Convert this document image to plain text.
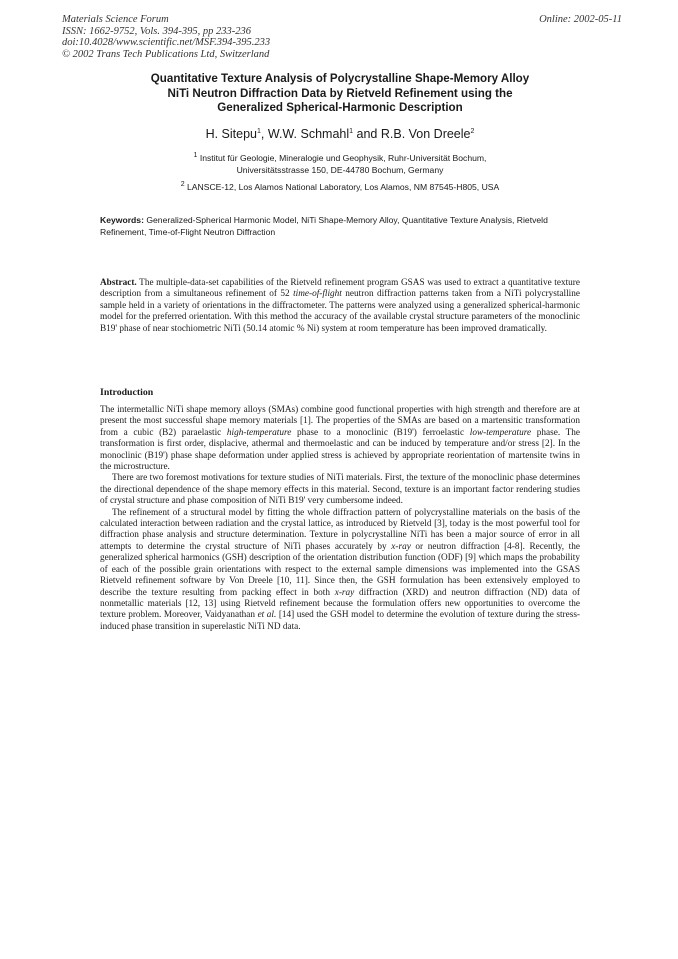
Materials Science Forum
ISSN: 1662-9752, Vols. 394-395, pp 233-236
doi:10.4028/www.scientific.net/MSF.394-395.233
© 2002 Trans Tech Publications Ltd, Switzerland
Online: 2002-05-11
Quantitative Texture Analysis of Polycrystalline Shape-Memory Alloy
NiTi Neutron Diffraction Data by Rietveld Refinement using the
Generalized Spherical-Harmonic Description
H. Sitepu$^1$, W.W. Schmahl$^1$ and R.B. Von Dreele$^2$
$^1$ Institut für Geologie, Mineralogie und Geophysik, Ruhr-Universität Bochum,
Universitätsstrasse 150, DE-44780 Bochum, Germany
$^2$ LANSCE-12, Los Alamos National Laboratory, Los Alamos, NM 87545-H805, USA
Keywords: Generalized-Spherical Harmonic Model, NiTi Shape-Memory Alloy, Quantitative Texture Analysis, Rietveld Refinement, Time-of-Flight Neutron Diffraction

Abstract. The multiple-data-set capabilities of the Rietveld refinement program GSAS was used to extract a quantitative texture description from a simultaneous refinement of 52 time-of-flight neutron diffraction patterns taken from a NiTi polycrystalline sample held in a variety of orientations in the diffractometer. The patterns were analyzed using a generalized spherical-harmonic model for the preferred orientation. With this method the accuracy of the available crystal structure parameters of the monoclinic B19' phase of near stochiometric NiTi (50.14 atomic % Ni) system at room temperature has been improved dramatically.

Introduction

The intermetallic NiTi shape memory alloys (SMAs) combine good functional properties with high strength and therefore are at present the most successful shape memory materials [1]. The properties of the SMAs are based on a martensitic transformation from a cubic (B2) paraelastic high-temperature phase to a monoclinic (B19') ferroelastic low-temperature phase. The transformation is first order, displacive, athermal and thermoelastic and can be induced by temperature and/or stress [2]. In the monoclinic (B19') phase shape deformation under applied stress is achieved by appropriate reorientation of martensite twins in the microstructure.

There are two foremost motivations for texture studies of NiTi materials. First, the texture of the monoclinic phase determines the directional dependence of the shape memory effects in this material. Second, texture is an important factor rendering studies of crystal structure and phase composition of NiTi B19' very cumbersome indeed.

The refinement of a structural model by fitting the whole diffraction pattern of polycrystalline materials on the basis of the calculated interaction between radiation and the crystal lattice, as introduced by Rietveld [3], today is the most powerful tool for diffraction phase analysis and structure determination. Texture in polycrystalline NiTi has been a major source of error in all attempts to determine the crystal structure of NiTi phases accurately by x-ray or neutron diffraction [4-8]. Recently, the generalized spherical harmonics (GSH) description of the orientation distribution function (ODF) [9] which maps the probability of each of the possible grain orientations with respect to the external sample dimensions was implemented into the GSAS Rietveld refinement software by Von Dreele [10, 11]. Since then, the GSH formulation has been extensively employed to describe the texture resulting from packing effect in both x-ray diffraction (XRD) and neutron diffraction (ND) data of nonmetallic materials [12, 13] using Rietveld refinement because the formulation offers new opportunities to overcome the texture problem. Moreover, Vaidyanathan et al. [14] used the GSH model to determine the evolution of texture during the stress-induced phase transition in superelastic NiTi ND data.
